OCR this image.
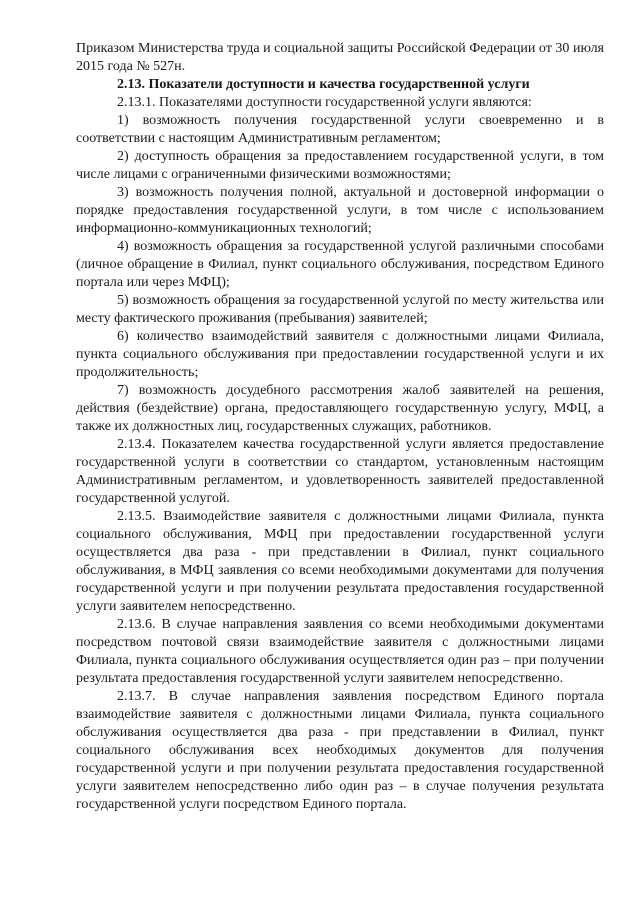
Приказом Министерства труда и социальной защиты Российской Федерации от 30 июля 2015 года № 527н.

2.13. Показатели доступности и качества государственной услуги

2.13.1. Показателями доступности государственной услуги являются:

1) возможность получения государственной услуги своевременно и в соответствии с настоящим Административным регламентом;

2) доступность обращения за предоставлением государственной услуги, в том числе лицами с ограниченными физическими возможностями;

3) возможность получения полной, актуальной и достоверной информации о порядке предоставления государственной услуги, в том числе с использованием информационно-коммуникационных технологий;

4) возможность обращения за государственной услугой различными способами (личное обращение в Филиал, пункт социального обслуживания, посредством Единого портала или через МФЦ);

5) возможность обращения за государственной услугой по месту жительства или месту фактического проживания (пребывания) заявителей;

6) количество взаимодействий заявителя с должностными лицами Филиала, пункта социального обслуживания при предоставлении государственной услуги и их продолжительность;

7) возможность досудебного рассмотрения жалоб заявителей на решения, действия (бездействие) органа, предоставляющего государственную услугу, МФЦ, а также их должностных лиц, государственных служащих, работников.

2.13.4. Показателем качества государственной услуги является предоставление государственной услуги в соответствии со стандартом, установленным настоящим Административным регламентом, и удовлетворенность заявителей предоставленной государственной услугой.

2.13.5. Взаимодействие заявителя с должностными лицами Филиала, пункта социального обслуживания, МФЦ при предоставлении государственной услуги осуществляется два раза - при представлении в Филиал, пункт социального обслуживания, в МФЦ заявления со всеми необходимыми документами для получения государственной услуги и при получении результата предоставления государственной услуги заявителем непосредственно.

2.13.6. В случае направления заявления со всеми необходимыми документами посредством почтовой связи взаимодействие заявителя с должностными лицами Филиала, пункта социального обслуживания осуществляется один раз – при получении результата предоставления государственной услуги заявителем непосредственно.

2.13.7. В случае направления заявления посредством Единого портала взаимодействие заявителя с должностными лицами Филиала, пункта социального обслуживания осуществляется два раза - при представлении в Филиал, пункт социального обслуживания всех необходимых документов для получения государственной услуги и при получении результата предоставления государственной услуги заявителем непосредственно либо один раз – в случае получения результата государственной услуги посредством Единого портала.
